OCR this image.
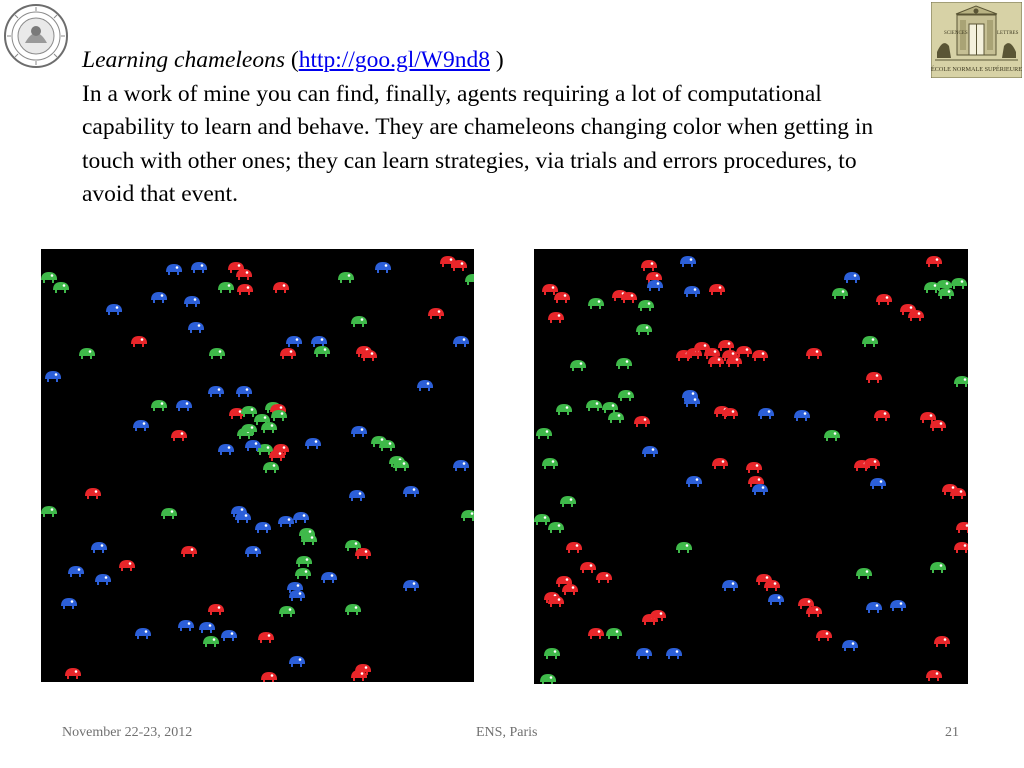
SCIENCES	LETTRES
ÉCOLE NORMALE SUPÉRIEURE

Learning chameleons (http://goo.gl/W9nd8 )

In a work of mine you can find, finally, agents requiring a lot of computational capability to learn and behave. They are chameleons changing color when getting in touch with other ones; they can learn strategies, via trials and errors procedures, to avoid that event.

November 22-23, 2012	ENS, Paris	21
